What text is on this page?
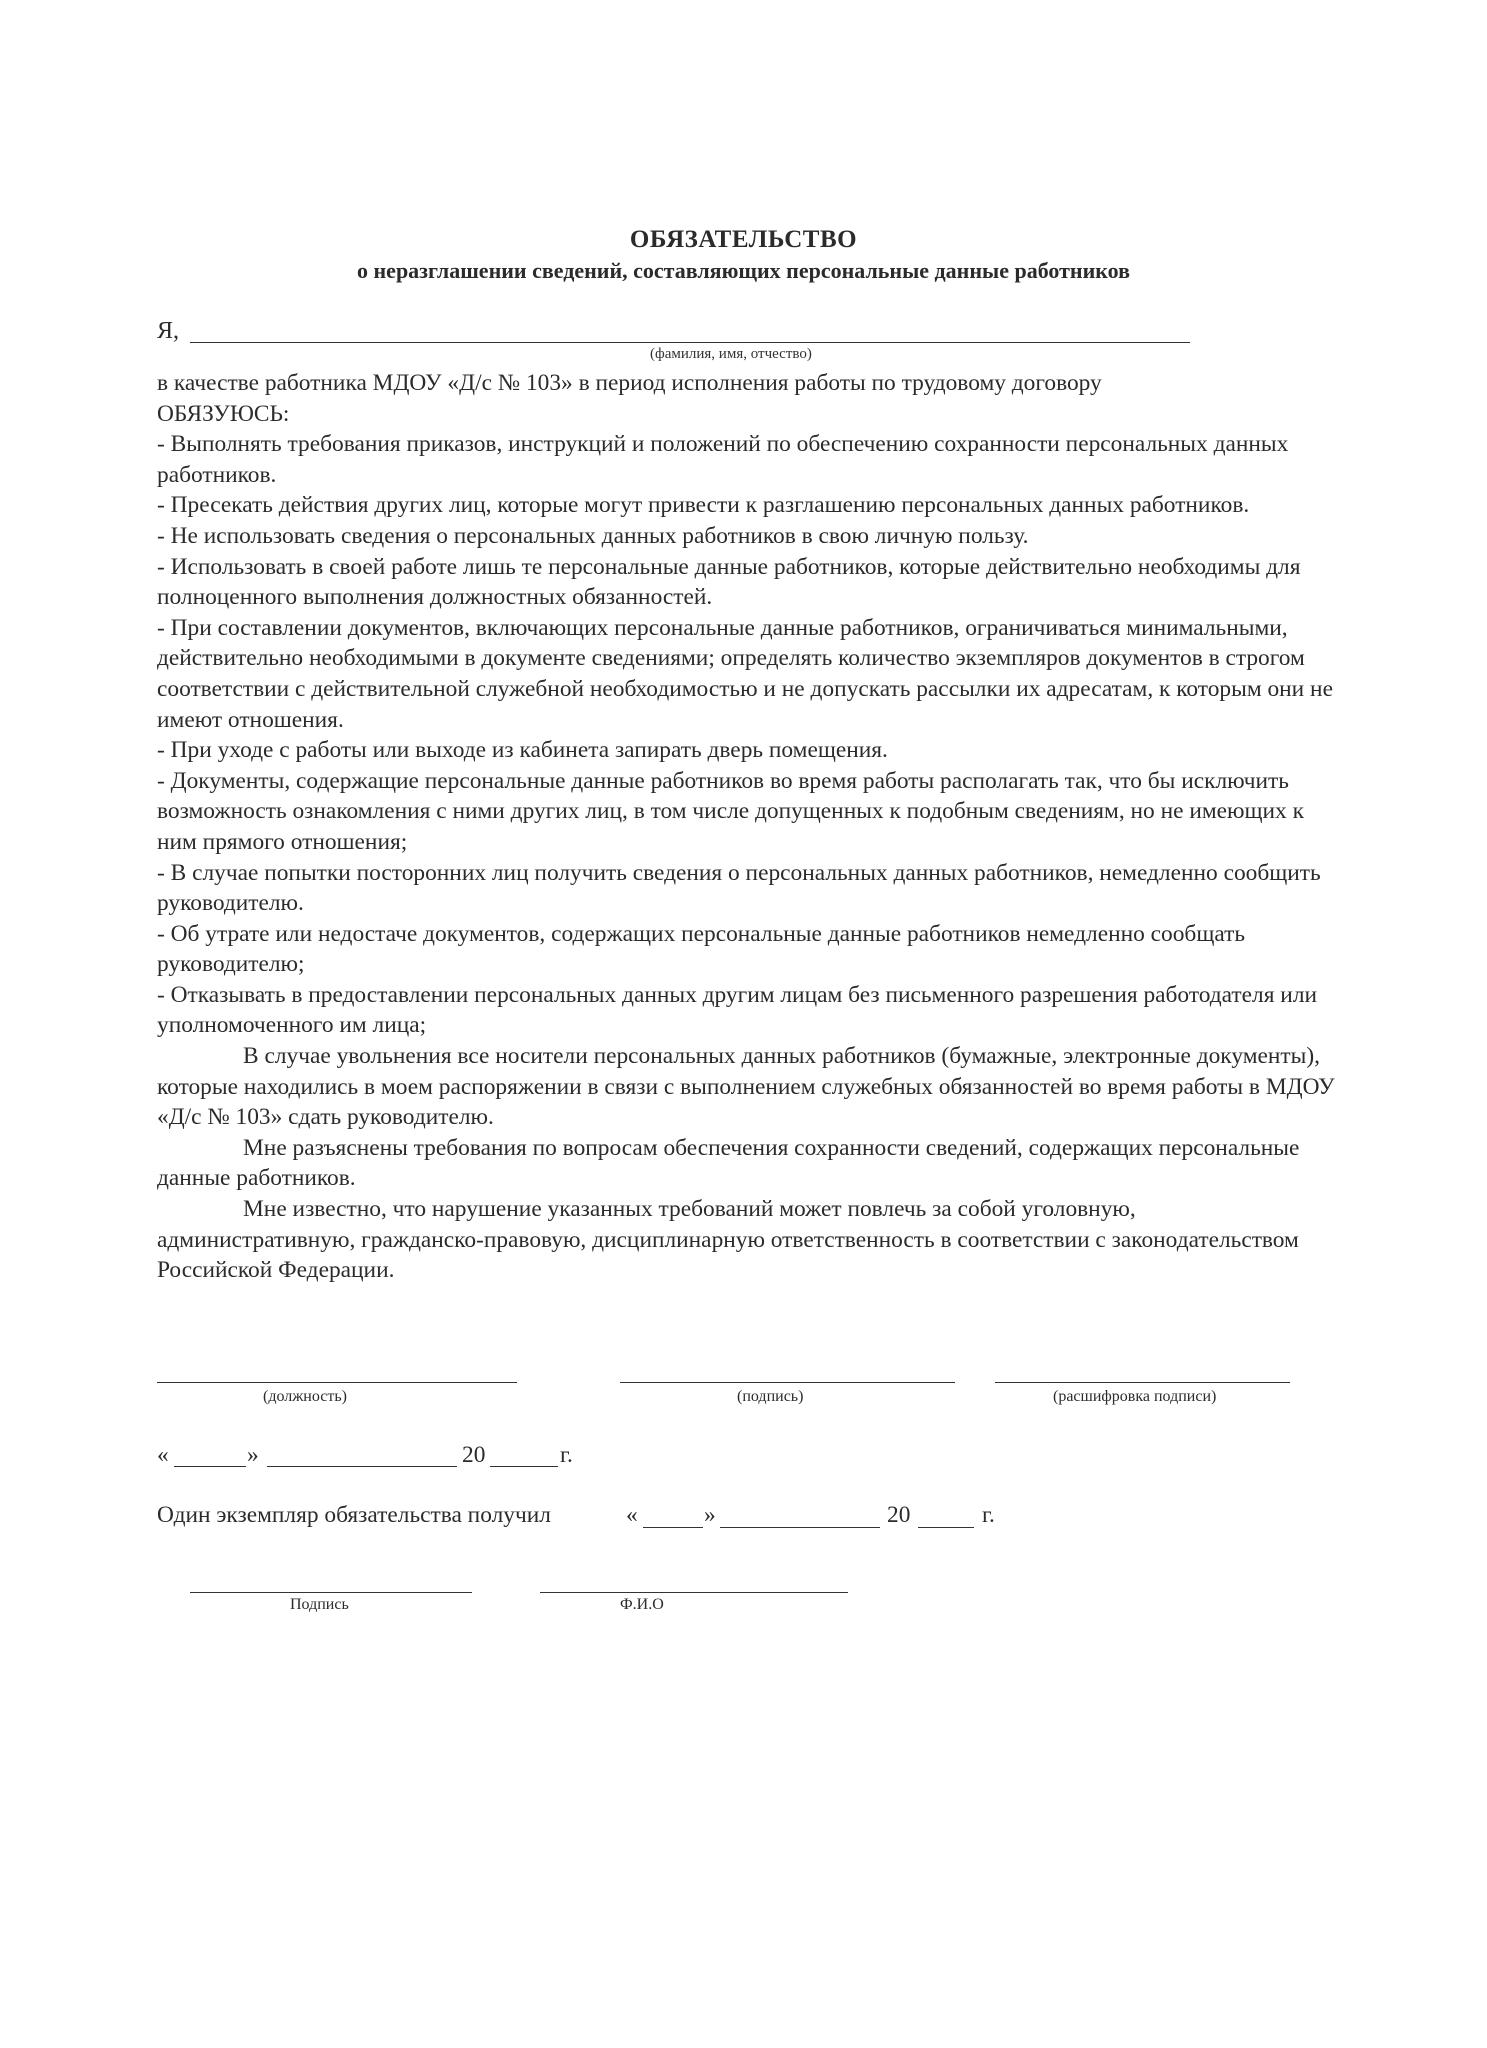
ОБЯЗАТЕЛЬСТВО
о неразглашении сведений, составляющих персональные данные работников
Я,
(фамилия, имя, отчество)

в качестве работника МДОУ «Д/с № 103» в период исполнения работы по трудовому договору

ОБЯЗУЮСЬ:

- Выполнять требования приказов, инструкций и положений по обеспечению сохранности персональных данных работников.

- Пресекать действия других лиц, которые могут привести к разглашению персональных данных работников.

- Не использовать сведения о персональных данных работников в свою личную пользу.

- Использовать в своей работе лишь те персональные данные работников, которые действительно необходимы для полноценного выполнения должностных обязанностей.

- При составлении документов, включающих персональные данные работников, ограничиваться минимальными, действительно необходимыми в документе сведениями; определять количество экземпляров документов в строгом соответствии с действительной служебной необходимостью и не допускать рассылки их адресатам, к которым они не имеют отношения.

- При уходе с работы или выходе из кабинета запирать дверь помещения.

- Документы, содержащие персональные данные работников во время работы располагать так, что бы исключить возможность ознакомления с ними других лиц, в том числе допущенных к подобным сведениям, но не имеющих к ним прямого отношения;

- В случае попытки посторонних лиц получить сведения о персональных данных работников, немедленно сообщить руководителю.

- Об утрате или недостаче документов, содержащих персональные данные работников немедленно сообщать руководителю;

- Отказывать в предоставлении персональных данных другим лицам без письменного разрешения работодателя или уполномоченного им лица;

В случае увольнения все носители персональных данных работников (бумажные, электронные документы), которые находились в моем распоряжении в связи с выполнением служебных обязанностей во время работы в МДОУ «Д/с № 103» сдать руководителю.

Мне разъяснены требования по вопросам обеспечения сохранности сведений, содержащих персональные данные работников.

Мне известно, что нарушение указанных требований может повлечь за собой уголовную, административную, гражданско-правовую, дисциплинарную ответственность в соответствии с законодательством Российской Федерации.

(должность)	(подпись)	(расшифровка подписи)
«	»	20	г.
Один экземпляр обязательства получил	«	»	20	г.
Подпись	Ф.И.О
